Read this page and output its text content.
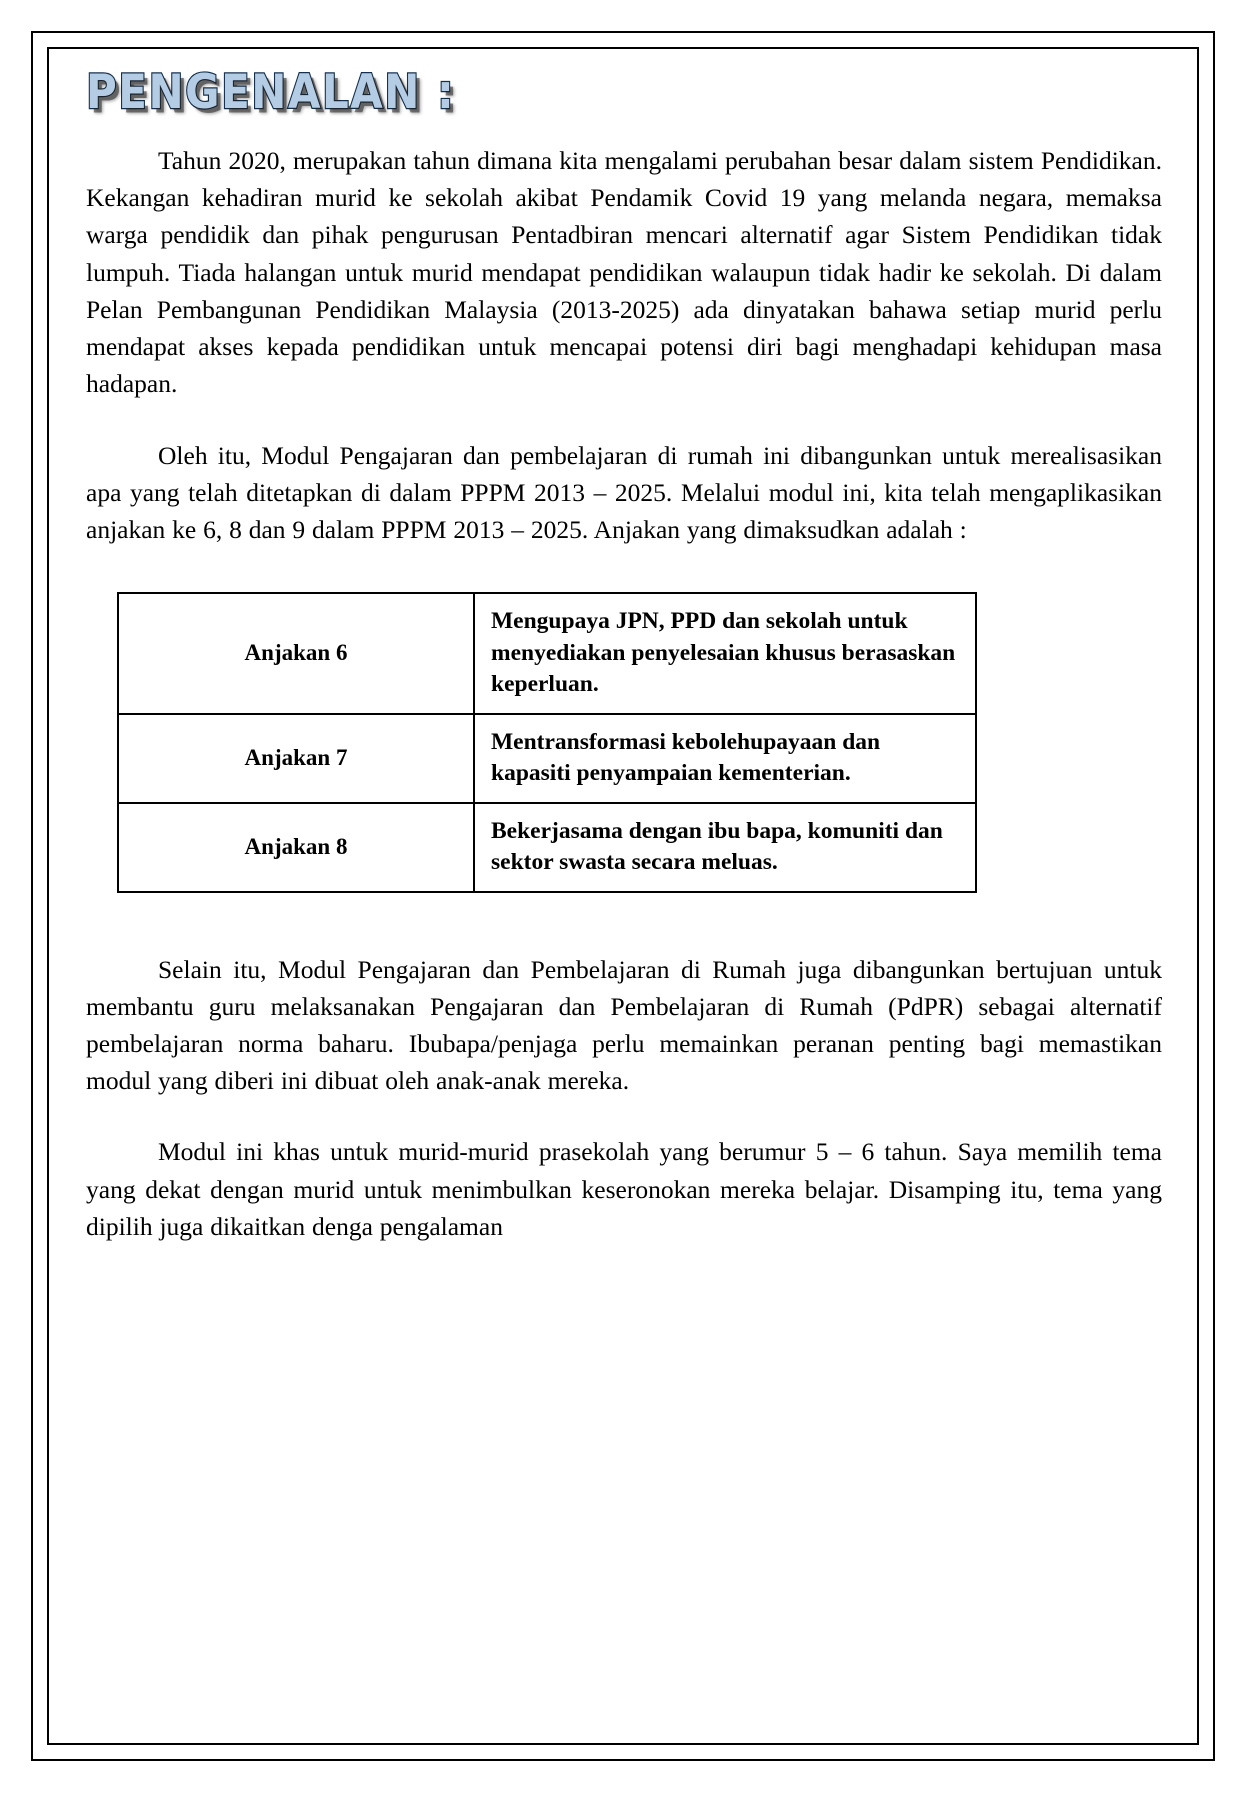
PENGENALAN :

Tahun 2020, merupakan tahun dimana kita mengalami perubahan besar dalam sistem Pendidikan. Kekangan kehadiran murid ke sekolah akibat Pendamik Covid 19 yang melanda negara, memaksa warga pendidik dan pihak pengurusan Pentadbiran mencari alternatif agar Sistem Pendidikan tidak lumpuh. Tiada halangan untuk murid mendapat pendidikan walaupun tidak hadir ke sekolah. Di dalam Pelan Pembangunan Pendidikan Malaysia (2013-2025) ada dinyatakan bahawa setiap murid perlu mendapat akses kepada pendidikan untuk mencapai potensi diri bagi menghadapi kehidupan masa hadapan.

Oleh itu, Modul Pengajaran dan pembelajaran di rumah ini dibangunkan untuk merealisasikan apa yang telah ditetapkan di dalam PPPM 2013 – 2025. Melalui modul ini, kita telah mengaplikasikan anjakan ke 6, 8 dan 9 dalam PPPM 2013 – 2025. Anjakan yang dimaksudkan adalah :

Anjakan 6	Mengupaya JPN, PPD dan sekolah untuk menyediakan penyelesaian khusus berasaskan keperluan.
Anjakan 7	Mentransformasi kebolehupayaan dan kapasiti penyampaian kementerian.
Anjakan 8	Bekerjasama dengan ibu bapa, komuniti dan sektor swasta secara meluas.

Selain itu, Modul Pengajaran dan Pembelajaran di Rumah juga dibangunkan bertujuan untuk membantu guru melaksanakan Pengajaran dan Pembelajaran di Rumah (PdPR) sebagai alternatif pembelajaran norma baharu. Ibubapa/penjaga perlu memainkan peranan penting bagi memastikan modul yang diberi ini dibuat oleh anak-anak mereka.

Modul ini khas untuk murid-murid prasekolah yang berumur 5 – 6 tahun. Saya memilih tema yang dekat dengan murid untuk menimbulkan keseronokan mereka belajar. Disamping itu, tema yang dipilih juga dikaitkan denga pengalaman
